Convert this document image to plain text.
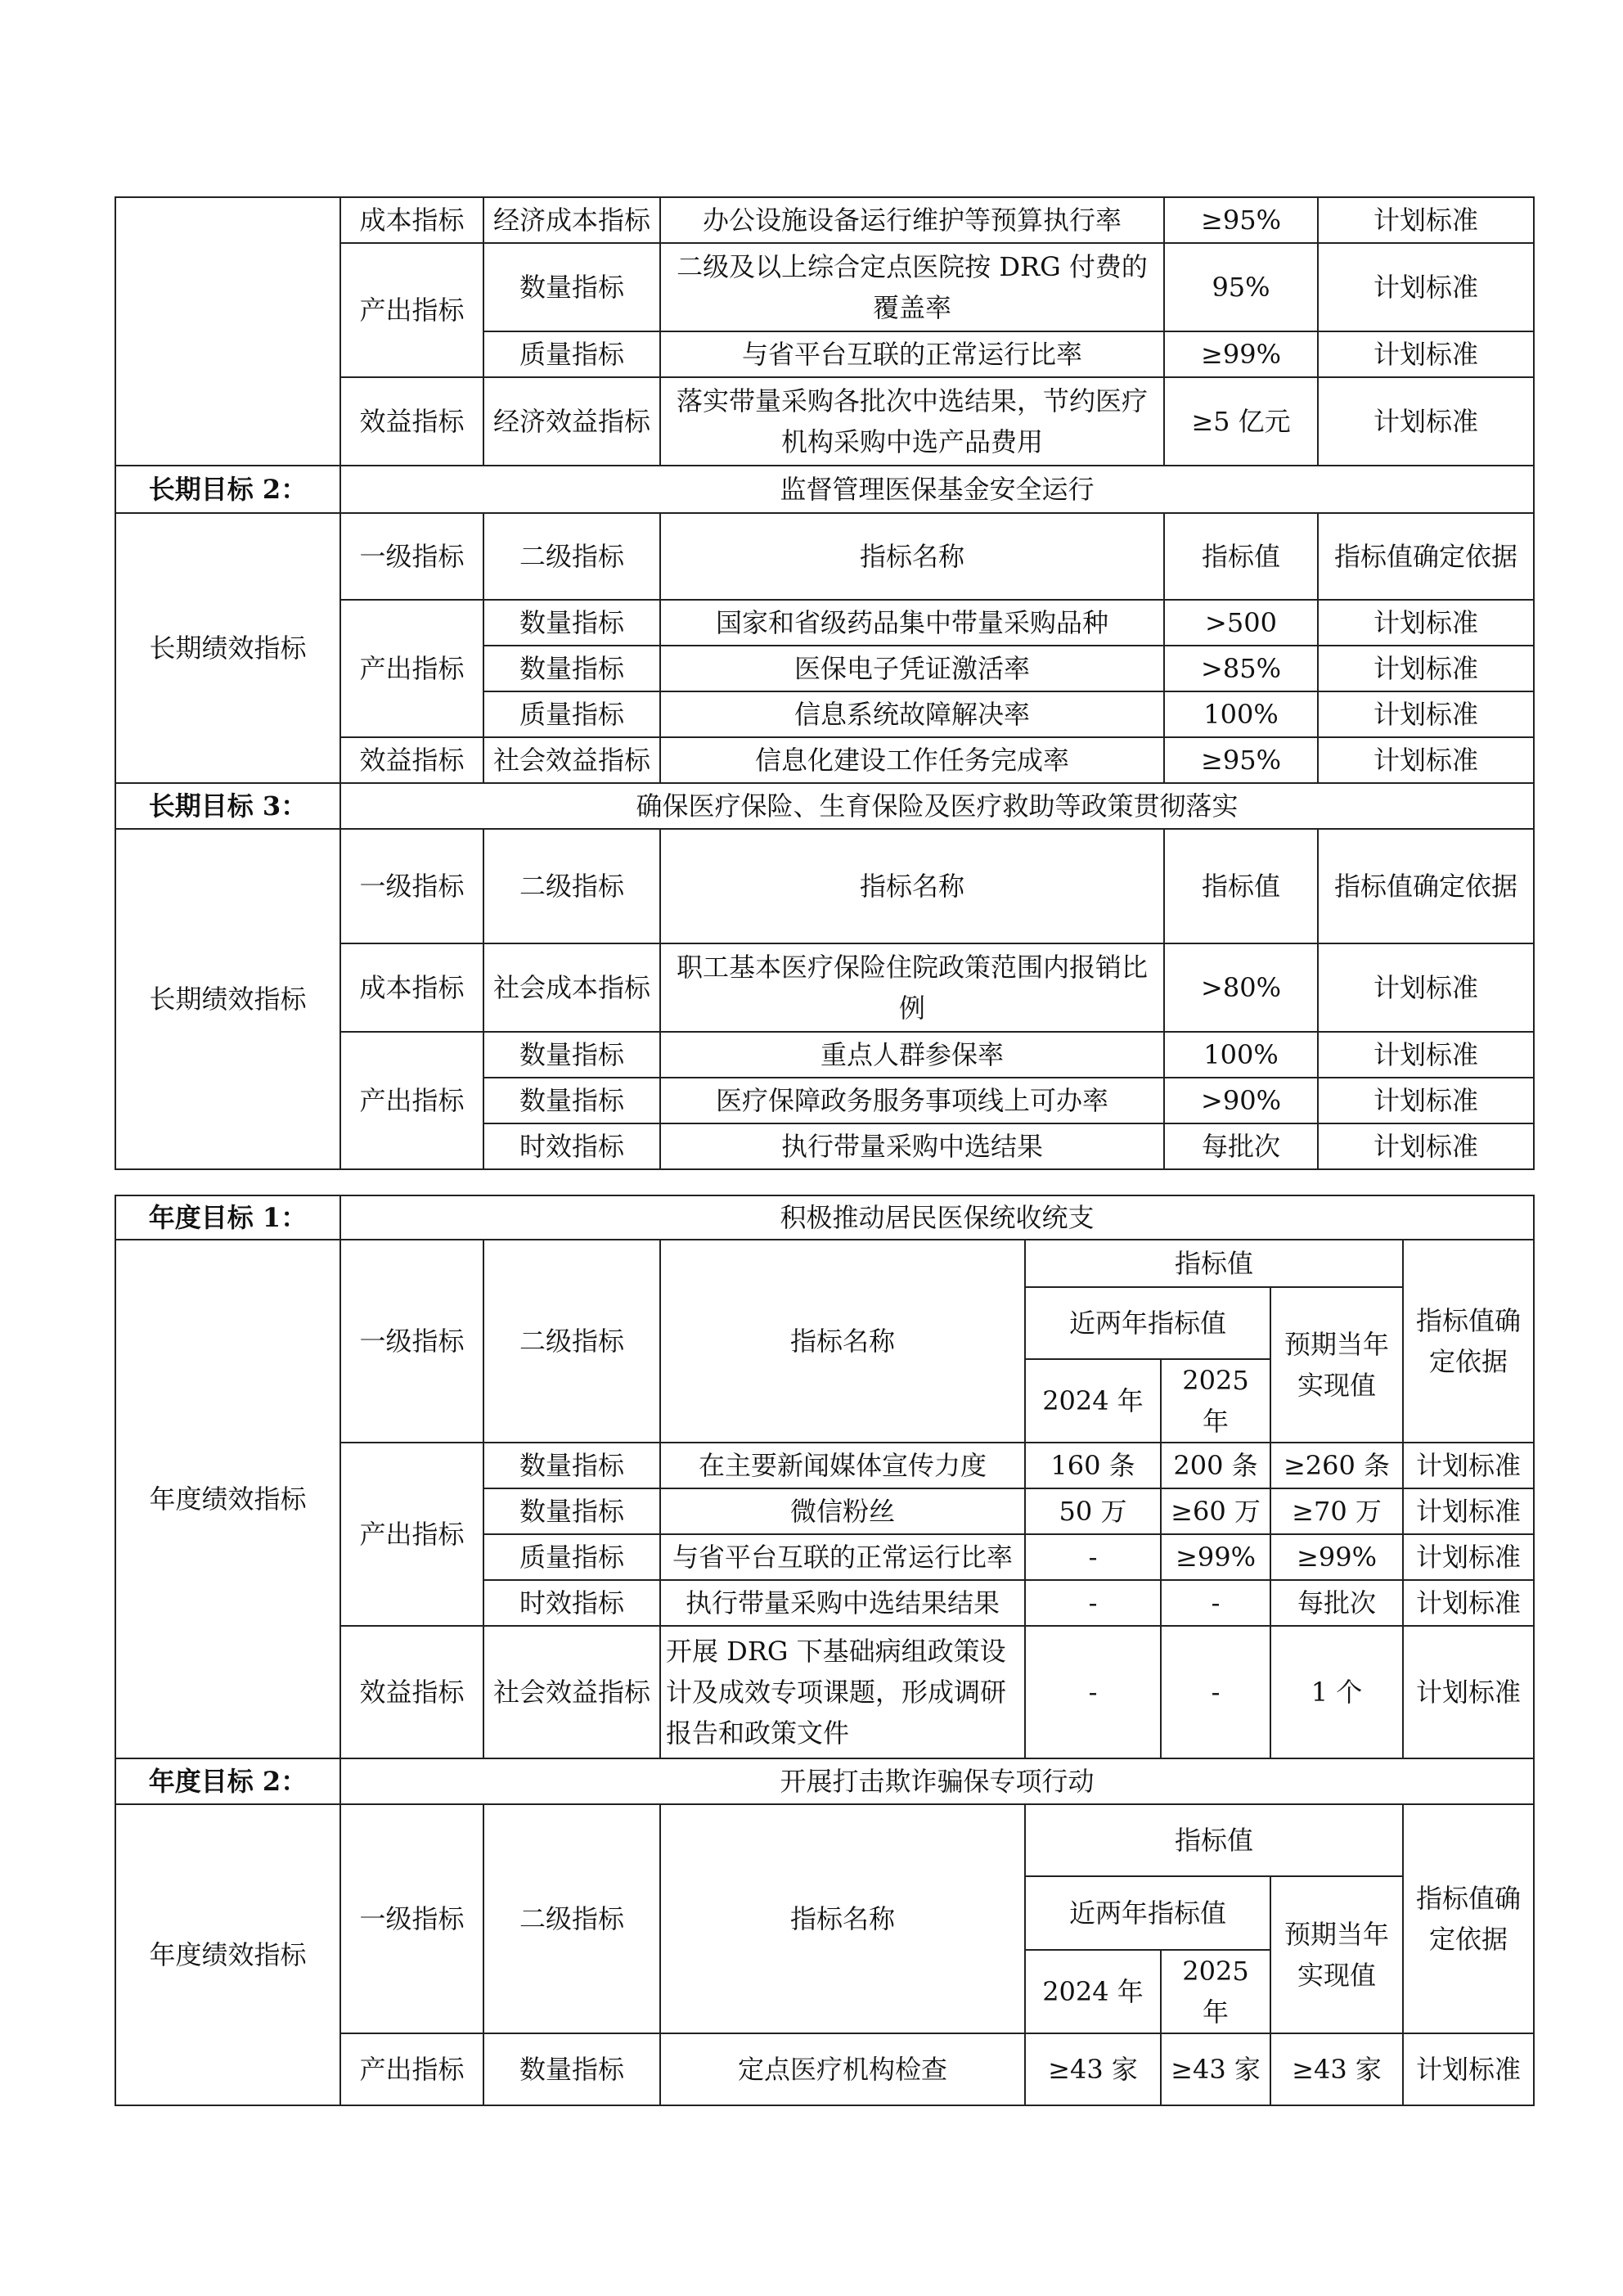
	成本指标	经济成本指标	办公设施设备运行维护等预算执行率	≥95%	计划标准
	产出指标	数量指标	二级及以上综合定点医院按 DRG 付费的覆盖率	95%	计划标准
		质量指标	与省平台互联的正常运行比率	≥99%	计划标准
	效益指标	经济效益指标	落实带量采购各批次中选结果，节约医疗机构采购中选产品费用	≥5 亿元	计划标准
长期目标 2：	监督管理医保基金安全运行				
长期绩效指标	一级指标	二级指标	指标名称	指标值	指标值确定依据
	产出指标	数量指标	国家和省级药品集中带量采购品种	>500	计划标准
		数量指标	医保电子凭证激活率	>85%	计划标准
		质量指标	信息系统故障解决率	100%	计划标准
	效益指标	社会效益指标	信息化建设工作任务完成率	≥95%	计划标准
长期目标 3：	确保医疗保险、生育保险及医疗救助等政策贯彻落实				
长期绩效指标	一级指标	二级指标	指标名称	指标值	指标值确定依据
	成本指标	社会成本指标	职工基本医疗保险住院政策范围内报销比例	>80%	计划标准
	产出指标	数量指标	重点人群参保率	100%	计划标准
		数量指标	医疗保障政务服务事项线上可办率	>90%	计划标准
		时效指标	执行带量采购中选结果	每批次	计划标准
年度目标 1：	积极推动居民医保统收统支						
年度绩效指标	一级指标	二级指标	指标名称	指标值			指标值确定依据
				近两年指标值		预期当年实现值	
				2024 年	2025 年		
	产出指标	数量指标	在主要新闻媒体宣传力度	160 条	200 条	≥260 条	计划标准
		数量指标	微信粉丝	50 万	≥60 万	≥70 万	计划标准
		质量指标	与省平台互联的正常运行比率	-	≥99%	≥99%	计划标准
		时效指标	执行带量采购中选结果结果	-	-	每批次	计划标准
	效益指标	社会效益指标	开展 DRG 下基础病组政策设计及成效专项课题，形成调研报告和政策文件	-	-	1 个	计划标准
年度目标 2：	开展打击欺诈骗保专项行动						
年度绩效指标	一级指标	二级指标	指标名称	指标值			指标值确定依据
				近两年指标值		预期当年实现值	
				2024 年	2025 年		
	产出指标	数量指标	定点医疗机构检查	≥43 家	≥43 家	≥43 家	计划标准
